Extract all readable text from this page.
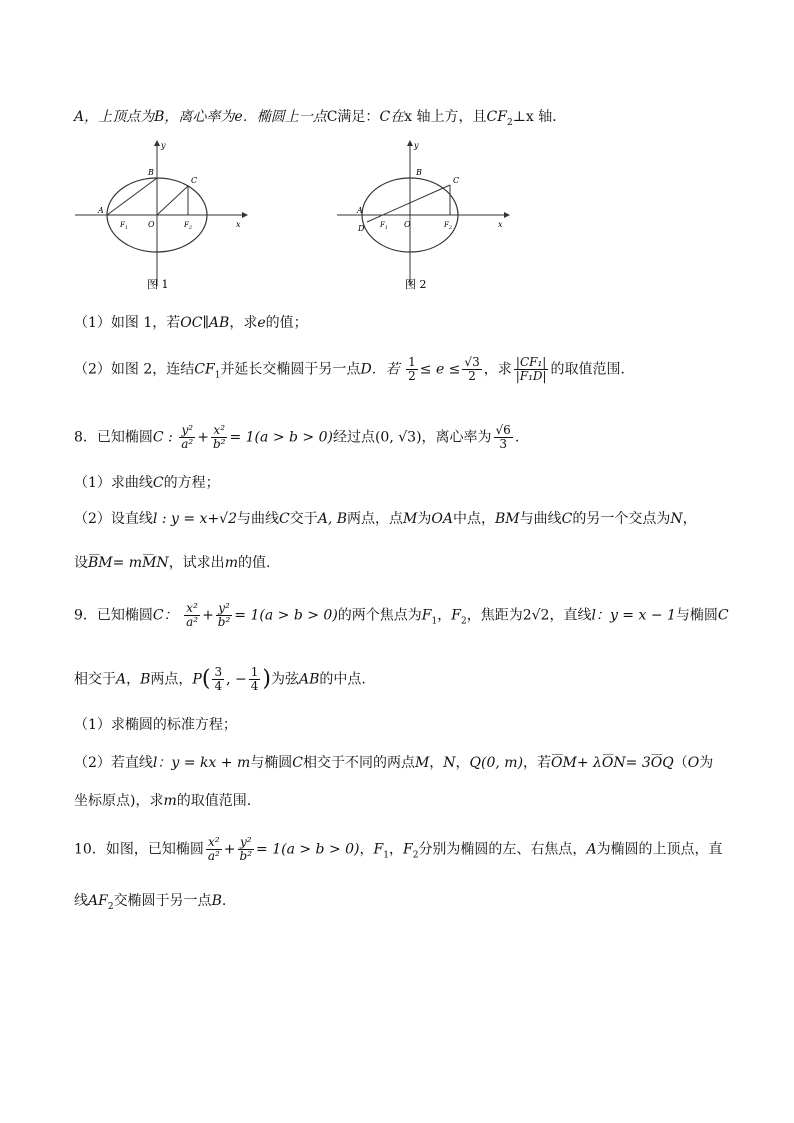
A，上顶点为B，离心率为e．椭圆上一点C满足：C在x 轴上方，且$CF_2\perp x$ 轴．
y
x
A
B
C
O
$F_1$	$F_2$
图 1
y
x
A
D
B
C
O
$F_1$	$F_2$
图 2
（1）如图 1，若OC∥AB，求e的值；
（2）如图 2，连结$CF_1$并延长交椭圆于另一点D．若 $\frac{1}{2} \le e \le \frac{√3}{2}$ ，求 $\frac{\text{|CF₁|}}{\text{|F₁D|}}$ 的取值范围．
8．已知椭圆C : $\frac{\text{y²}}{\text{a²}} + \frac{\text{x²}}{\text{b²}} = 1(a > b > 0)$经过点(0, √3)，离心率为 $\frac{√6}{3}$ .
（1）求曲线C的方程；
（2）设直线l : y = x+√2与曲线C交于A, B两点，点M为OA中点，BM与曲线C的另一个交点为N，
设⌣⌣⌣ BM= m⌣⌣⌣ MN，试求出m的值.
9．已知椭圆C： $\frac{\text{x²}}{\text{a²}} + \frac{\text{y²}}{\text{b²}} = 1(a > b > 0)$的两个焦点为$F_1$，$F_2$，焦距为2√2，直线l：y = x − 1与椭圆C
相交于A，B两点，$P( \frac{3}{4}$ , − $\frac{1}{4}$ )为弦AB的中点.
（1）求椭圆的标准方程；
（2）若直线l：y = kx + m与椭圆C相交于不同的两点M，N，Q(0, m)，若⌣⌣⌣ OM+ λ⌣⌣⌣ ON= 3⌣⌣⌣ OQ（O为
坐标原点)，求m的取值范围.
10．如图，已知椭圆 $\frac{\text{x²}}{\text{a²}} + \frac{\text{y²}}{\text{b²}} = 1(a > b > 0)$，$F_1$，$F_2$分别为椭圆的左、右焦点，A为椭圆的上顶点，直
线$AF_2$交椭圆于另一点B.
